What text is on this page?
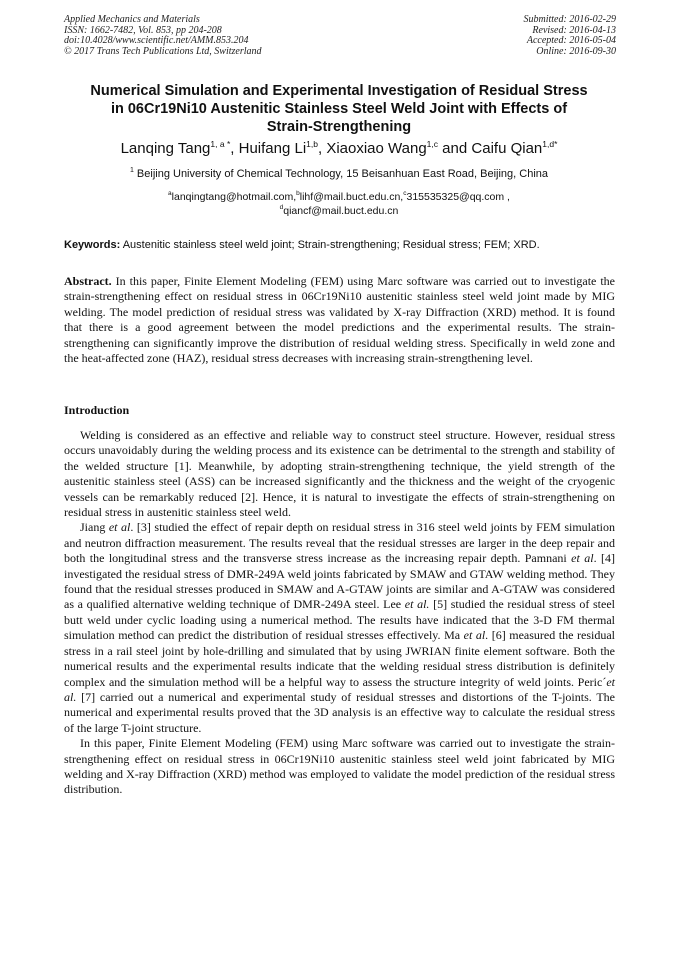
Applied Mechanics and Materials
ISSN: 1662-7482, Vol. 853, pp 204-208
doi:10.4028/www.scientific.net/AMM.853.204
© 2017 Trans Tech Publications Ltd, Switzerland
Submitted: 2016-02-29
Revised: 2016-04-13
Accepted: 2016-05-04
Online: 2016-09-30
Numerical Simulation and Experimental Investigation of Residual Stress
in 06Cr19Ni10 Austenitic Stainless Steel Weld Joint with Effects of
Strain-Strengthening
Lanqing Tang$^{1, a *}$, Huifang Li$^{1,b}$, Xiaoxiao Wang$^{1,c}$ and Caifu Qian$^{1,d*}$
$^1$ Beijing University of Chemical Technology, 15 Beisanhuan East Road, Beijing, China
$^a$lanqingtang@hotmail.com,$^b$lihf@mail.buct.edu.cn,$^c$315535325@qq.com ,
$^d$qiancf@mail.buct.edu.cn
Keywords: Austenitic stainless steel weld joint; Strain-strengthening; Residual stress; FEM; XRD.
Abstract. In this paper, Finite Element Modeling (FEM) using Marc software was carried out to investigate the strain-strengthening effect on residual stress in 06Cr19Ni10 austenitic stainless steel weld joint made by MIG welding. The model prediction of residual stress was validated by X-ray Diffraction (XRD) method. It is found that there is a good agreement between the model predictions and the experimental results. The strain-strengthening can significantly improve the distribution of residual welding stress. Specifically in weld zone and the heat-affected zone (HAZ), residual stress decreases with increasing strain-strengthening level.
Introduction

Welding is considered as an effective and reliable way to construct steel structure. However, residual stress occurs unavoidably during the welding process and its existence can be detrimental to the strength and stability of the welded structure [1]. Meanwhile, by adopting strain-strengthening technique, the yield strength of the austenitic stainless steel (ASS) can be increased significantly and the thickness and the weight of the cryogenic vessels can be remarkably reduced [2]. Hence, it is natural to investigate the effects of strain-strengthening on residual stress in austenitic stainless steel weld.

Jiang et al. [3] studied the effect of repair depth on residual stress in 316 steel weld joints by FEM simulation and neutron diffraction measurement. The results reveal that the residual stresses are larger in the deep repair and both the longitudinal stress and the transverse stress increase as the increasing repair depth. Pamnani et al. [4] investigated the residual stress of DMR-249A weld joints fabricated by SMAW and GTAW welding method. They found that the residual stresses produced in SMAW and A-GTAW joints are similar and A-GTAW was considered as a qualified alternative welding technique of DMR-249A steel. Lee et al. [5] studied the residual stress of steel butt weld under cyclic loading using a numerical method. The results have indicated that the 3-D FM thermal simulation method can predict the distribution of residual stresses effectively. Ma et al. [6] measured the residual stress in a rail steel joint by hole-drilling and simulated that by using JWRIAN finite element software. Both the numerical results and the experimental results indicate that the welding residual stress distribution is definitely complex and the simulation method will be a helpful way to assess the structure integrity of weld joints. Peric´et al. [7] carried out a numerical and experimental study of residual stresses and distortions of the T-joints. The numerical and experimental results proved that the 3D analysis is an effective way to calculate the residual stress of the large T-joint structure.

In this paper, Finite Element Modeling (FEM) using Marc software was carried out to investigate the strain-strengthening effect on residual stress in 06Cr19Ni10 austenitic stainless steel weld joint fabricated by MIG welding and X-ray Diffraction (XRD) method was employed to validate the model prediction of the residual stress distribution.
